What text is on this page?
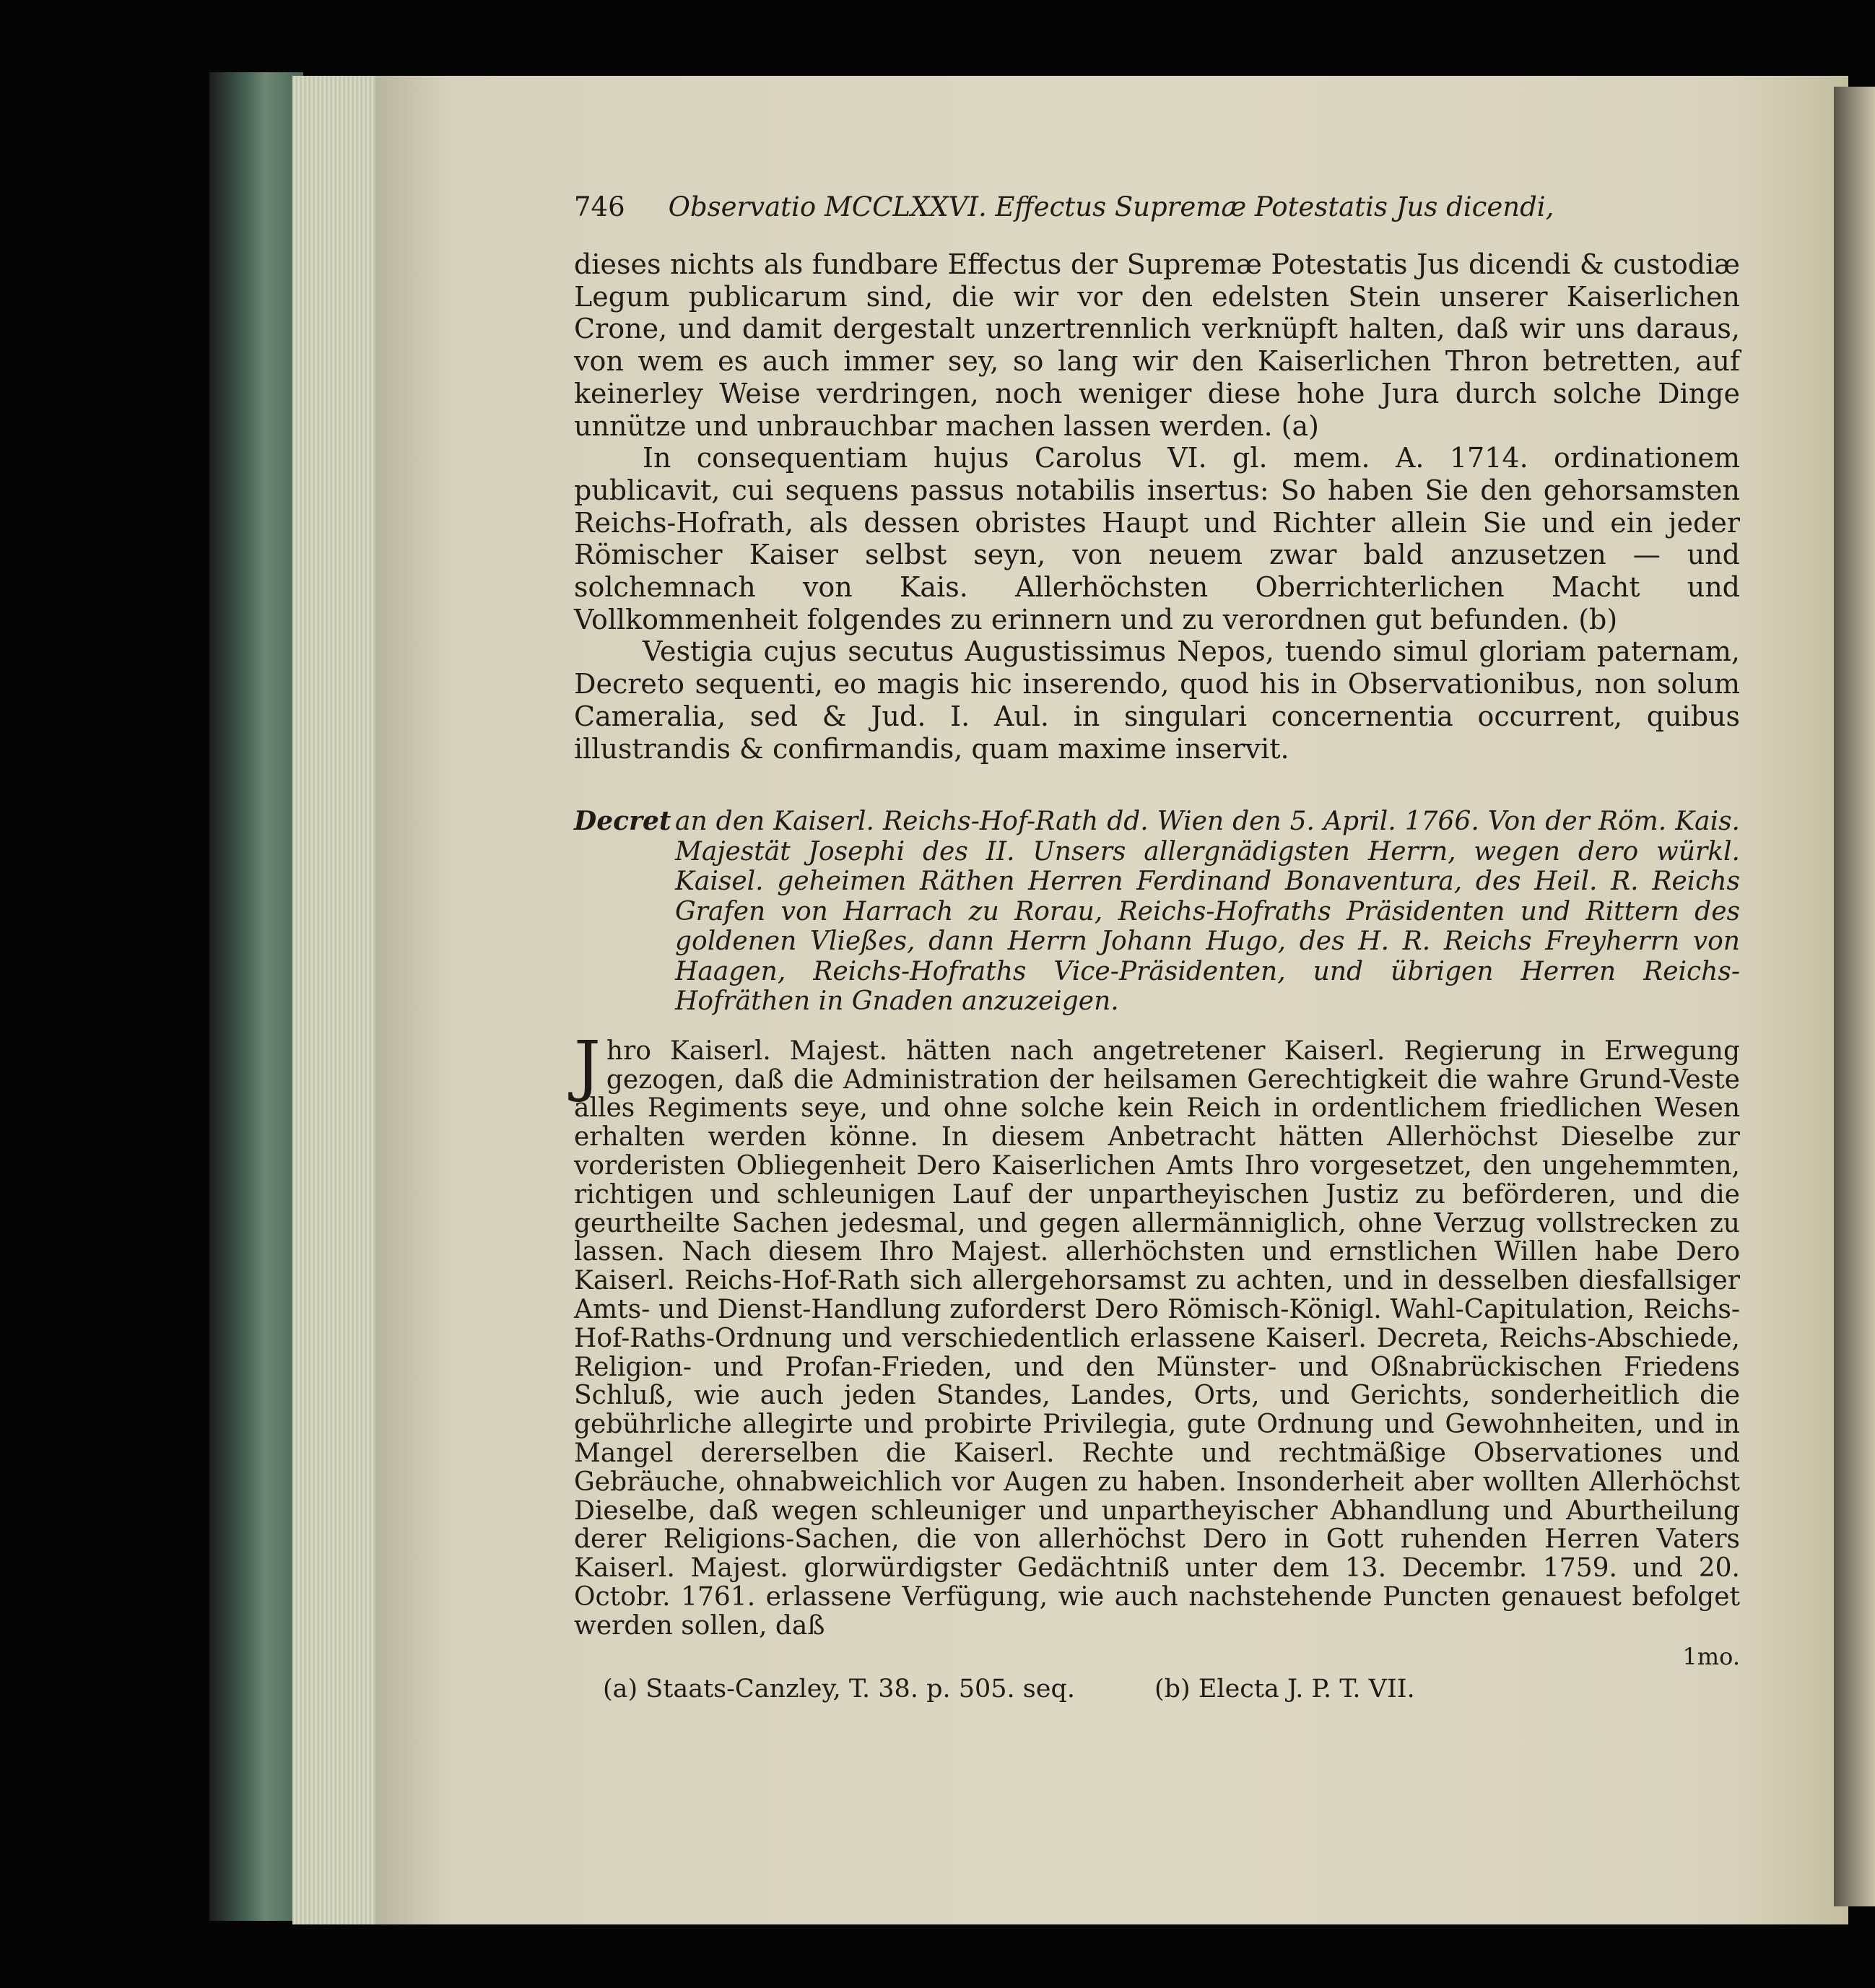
746 Observatio MCCLXXVI. Effectus Supremæ Potestatis Jus dicendi,

dieses nichts als fundbare Effectus der Supremæ Potestatis Jus dicendi & custodiæ Legum publicarum sind, die wir vor den edelsten Stein unserer Kaiserlichen Crone, und damit dergestalt unzertrennlich verknüpft halten, daß wir uns daraus, von wem es auch immer sey, so lang wir den Kaiserlichen Thron betretten, auf keinerley Weise verdringen, noch weniger diese hohe Jura durch solche Dinge unnütze und unbrauchbar machen lassen werden. (a)

In consequentiam hujus Carolus VI. gl. mem. A. 1714. ordinationem publicavit, cui sequens passus notabilis insertus: So haben Sie den gehorsamsten Reichs-Hofrath, als dessen obristes Haupt und Richter allein Sie und ein jeder Römischer Kaiser selbst seyn, von neuem zwar bald anzusetzen — und solchemnach von Kais. Allerhöchsten Oberrichterlichen Macht und Vollkommenheit folgendes zu erinnern und zu verordnen gut befunden. (b)

Vestigia cujus secutus Augustissimus Nepos, tuendo simul gloriam paternam, Decreto sequenti, eo magis hic inserendo, quod his in Observationibus, non solum Cameralia, sed & Jud. I. Aul. in singulari concernentia occurrent, quibus illustrandis & confirmandis, quam maxime inservit.

Decret an den Kaiserl. Reichs-Hof-Rath dd. Wien den 5. April. 1766. Von der Röm. Kais. Majestät Josephi des II. Unsers allergnädigsten Herrn, wegen dero würkl. Kaisel. geheimen Räthen Herren Ferdinand Bonaventura, des Heil. R. Reichs Grafen von Harrach zu Rorau, Reichs-Hofraths Präsidenten und Rittern des goldenen Vließes, dann Herrn Johann Hugo, des H. R. Reichs Freyherrn von Haagen, Reichs-Hofraths Vice-Präsidenten, und übrigen Herren Reichs-Hofräthen in Gnaden anzuzeigen.
J hro Kaiserl. Majest. hätten nach angetretener Kaiserl. Regierung in Erwegung gezogen, daß die Administration der heilsamen Gerechtigkeit die wahre Grund-Veste alles Regiments seye, und ohne solche kein Reich in ordentlichem friedlichen Wesen erhalten werden könne. In diesem Anbetracht hätten Allerhöchst Dieselbe zur vorderisten Obliegenheit Dero Kaiserlichen Amts Ihro vorgesetzet, den ungehemmten, richtigen und schleunigen Lauf der unpartheyischen Justiz zu beförderen, und die geurtheilte Sachen jedesmal, und gegen allermänniglich, ohne Verzug vollstrecken zu lassen. Nach diesem Ihro Majest. allerhöchsten und ernstlichen Willen habe Dero Kaiserl. Reichs-Hof-Rath sich allergehorsamst zu achten, und in desselben diesfallsiger Amts- und Dienst-Handlung zuforderst Dero Römisch-Königl. Wahl-Capitulation, Reichs-Hof-Raths-Ordnung und verschiedentlich erlassene Kaiserl. Decreta, Reichs-Abschiede, Religion- und Profan-Frieden, und den Münster- und Oßnabrückischen Friedens Schluß, wie auch jeden Standes, Landes, Orts, und Gerichts, sonderheitlich die gebührliche allegirte und probirte Privilegia, gute Ordnung und Gewohnheiten, und in Mangel dererselben die Kaiserl. Rechte und rechtmäßige Observationes und Gebräuche, ohnabweichlich vor Augen zu haben. Insonderheit aber wollten Allerhöchst Dieselbe, daß wegen schleuniger und unpartheyischer Abhandlung und Aburtheilung derer Religions-Sachen, die von allerhöchst Dero in Gott ruhenden Herren Vaters Kaiserl. Majest. glorwürdigster Gedächtniß unter dem 13. Decembr. 1759. und 20. Octobr. 1761. erlassene Verfügung, wie auch nachstehende Puncten genauest befolget werden sollen, daß
1mo.
(a) Staats-Canzley, T. 38. p. 505. seq.	(b) Electa J. P. T. VII.
